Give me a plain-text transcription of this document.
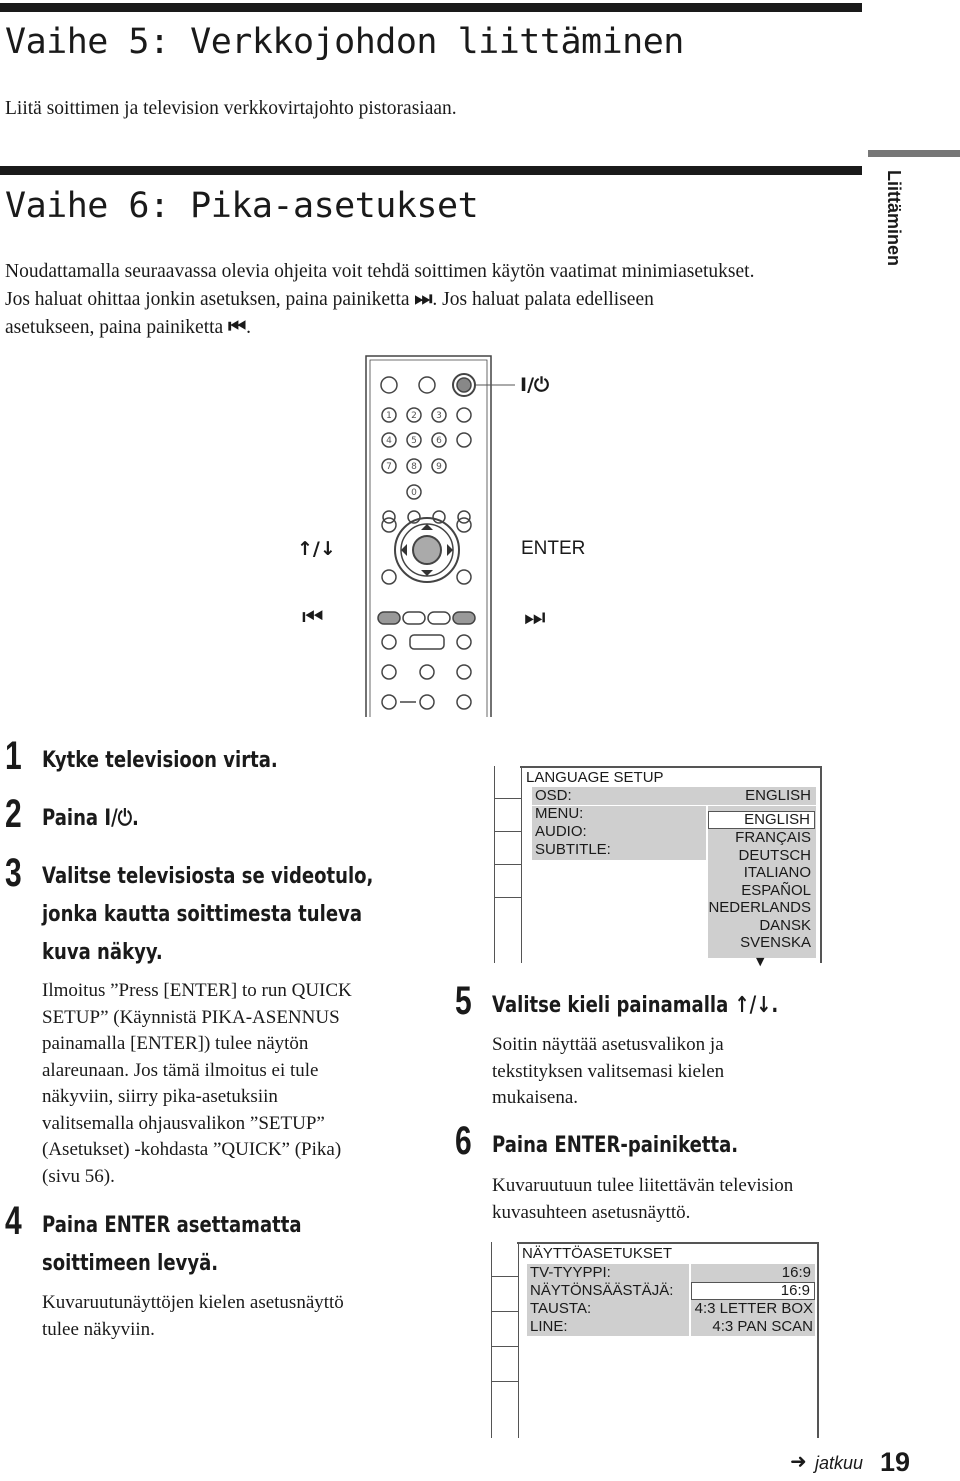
Vaihe 5: Verkkojohdon liittäminen
Liitä soittimen ja television verkkovirtajohto pistorasiaan.
Vaihe 6: Pika-asetukset
Noudattamalla seuraavassa olevia ohjeita voit tehdä soittimen käytön vaatimat minimiasetukset.
Jos haluat ohittaa jonkin asetuksen, paina painiketta ⏭. Jos haluat palata edelliseen
asetukseen, paina painiketta ⏮.
Liittäminen
1 2 3
4 5 6
7 8 9
0
I/⏻
↑/↓	ENTER
⏮	⏭
1 Kytke televisioon virta.
2 Paina I/⏻.
3 Valitse televisiosta se videotulo,
jonka kautta soittimesta tuleva
kuva näkyy.
Ilmoitus ”Press [ENTER] to run QUICK
SETUP” (Käynnistä PIKA-ASENNUS
painamalla [ENTER]) tulee näytön
alareunaan. Jos tämä ilmoitus ei tule
näkyviin, siirry pika-asetuksiin
valitsemalla ohjausvalikon ”SETUP”
(Asetukset) -kohdasta ”QUICK” (Pika)
(sivu 56).
4 Paina ENTER asettamatta
soittimeen levyä.
Kuvaruutunäyttöjen kielen asetusnäyttö
tulee näkyviin.
LANGUAGE SETUP
OSD:	ENGLISH
MENU:
AUDIO:
SUBTITLE:
ENGLISH
FRANÇAIS
DEUTSCH
ITALIANO
ESPAÑOL
NEDERLANDS
DANSK
SVENSKA
▼
5 Valitse kieli painamalla ↑/↓.
Soitin näyttää asetusvalikon ja
tekstityksen valitsemasi kielen
mukaisena.
6 Paina ENTER-painiketta.
Kuvaruutuun tulee liitettävän television
kuvasuhteen asetusnäyttö.
NÄYTTÖASETUKSET
TV-TYYPPI:	16:9
NÄYTÖNSÄÄSTÄJÄ:	16:9
TAUSTA:	4:3 LETTER BOX
LINE:	4:3 PAN SCAN
➜ jatkuu 19
